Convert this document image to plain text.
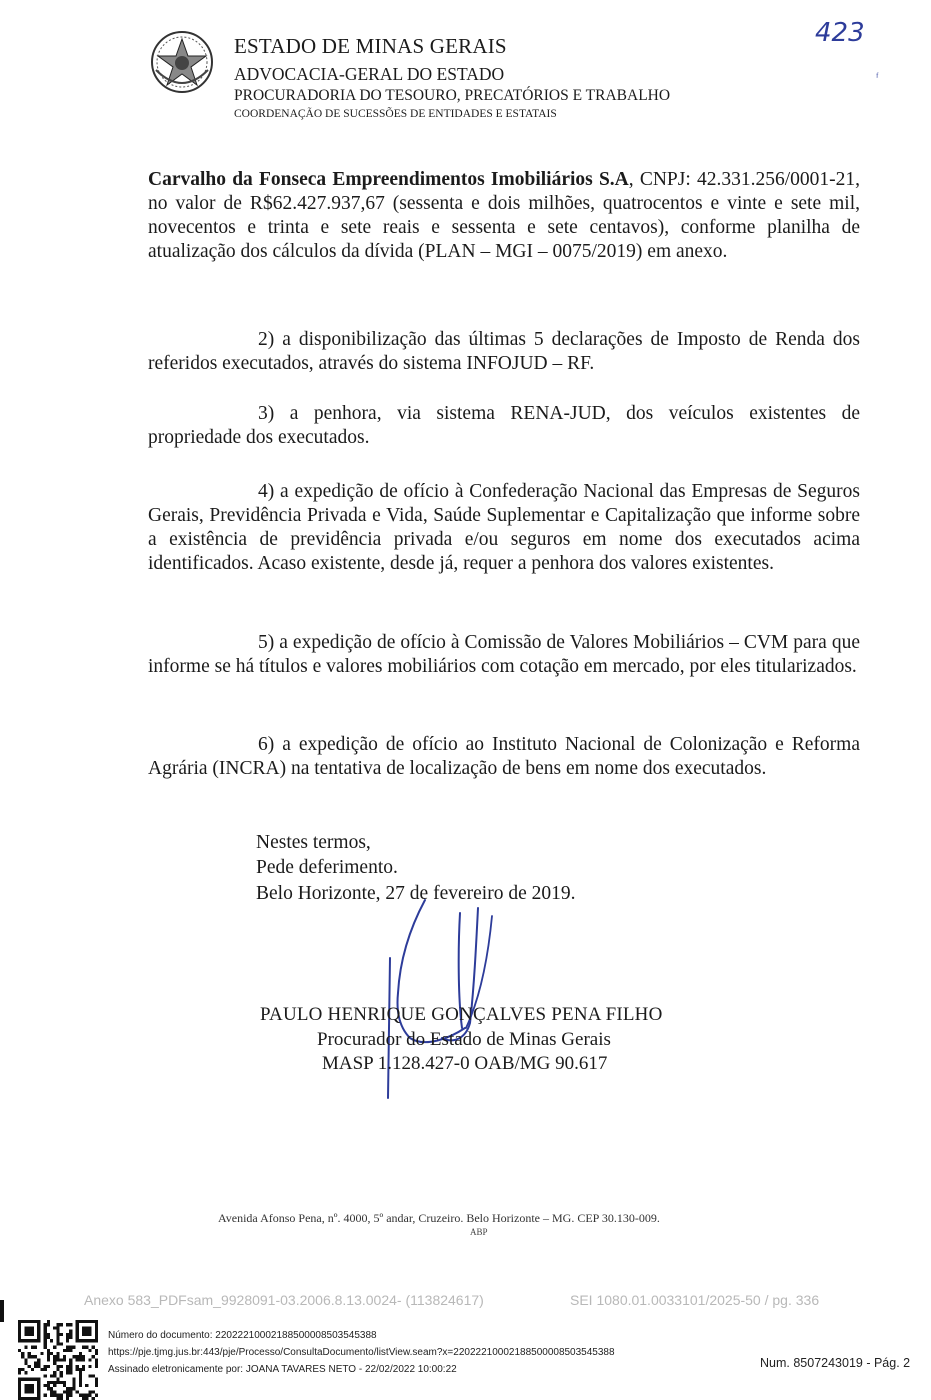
ESTADO DE MINAS GERAIS
ADVOCACIA-GERAL DO ESTADO
PROCURADORIA DO TESOURO, PRECATÓRIOS E TRABALHO
COORDENAÇÃO DE SUCESSÕES DE ENTIDADES E ESTATAIS
423
ᶠ
Carvalho da Fonseca Empreendimentos Imobiliários S.A, CNPJ: 42.331.256/0001-21, no valor de R$62.427.937,67 (sessenta e dois milhões, quatrocentos e vinte e sete mil, novecentos e trinta e sete reais e sessenta e sete centavos), conforme planilha de atualização dos cálculos da dívida (PLAN – MGI – 0075/2019) em anexo.
2) a disponibilização das últimas 5 declarações de Imposto de Renda dos referidos executados, através do sistema INFOJUD – RF.
3) a penhora, via sistema RENA-JUD, dos veículos existentes de propriedade dos executados.
4) a expedição de ofício à Confederação Nacional das Empresas de Seguros Gerais, Previdência Privada e Vida, Saúde Suplementar e Capitalização que informe sobre a existência de previdência privada e/ou seguros em nome dos executados acima identificados. Acaso existente, desde já, requer a penhora dos valores existentes.
5) a expedição de ofício à Comissão de Valores Mobiliários – CVM para que informe se há títulos e valores mobiliários com cotação em mercado, por eles titularizados.
6) a expedição de ofício ao Instituto Nacional de Colonização e Reforma Agrária (INCRA) na tentativa de localização de bens em nome dos executados.
Nestes termos,
Pede deferimento.
Belo Horizonte, 27 de fevereiro de 2019.
PAULO HENRIQUE GONÇALVES PENA FILHO
Procurador do Estado de Minas Gerais
MASP 1.128.427-0 OAB/MG 90.617
Avenida Afonso Pena, nº. 4000, 5º andar, Cruzeiro. Belo Horizonte – MG. CEP 30.130-009.
ABP
Anexo 583_PDFsam_9928091-03.2006.8.13.0024- (113824617)	SEI 1080.01.0033101/2025-50 / pg. 336
Número do documento: 22022210002188500008503545388
https://pje.tjmg.jus.br:443/pje/Processo/ConsultaDocumento/listView.seam?x=22022210002188500008503545388
Assinado eletronicamente por: JOANA TAVARES NETO - 22/02/2022 10:00:22	Num. 8507243019 - Pág. 2
